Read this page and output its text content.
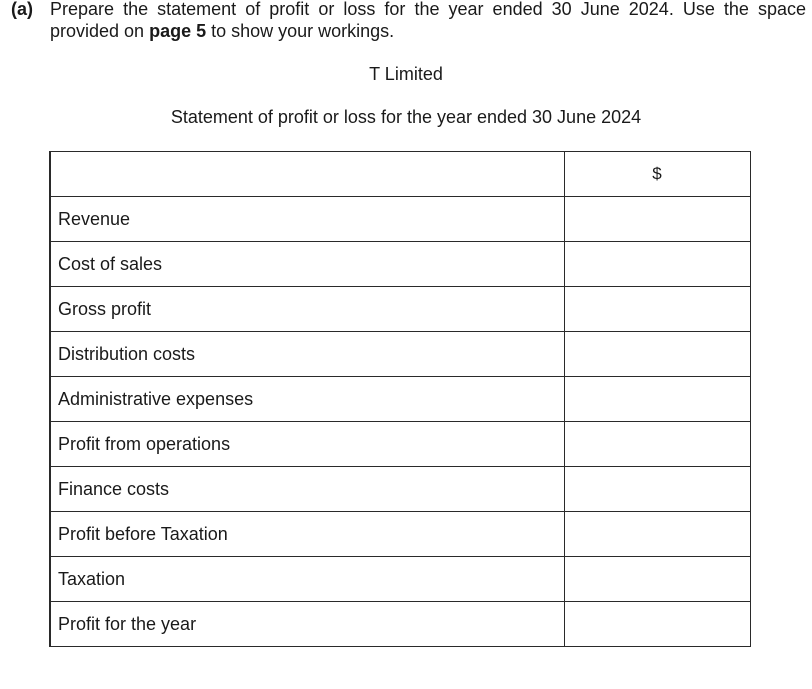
(a) Prepare the statement of profit or loss for the year ended 30 June 2024. Use the space provided on page 5 to show your workings.
T Limited
Statement of profit or loss for the year ended 30 June 2024
	$
Revenue	
Cost of sales	
Gross profit	
Distribution costs	
Administrative expenses	
Profit from operations	
Finance costs	
Profit before Taxation	
Taxation	
Profit for the year	
